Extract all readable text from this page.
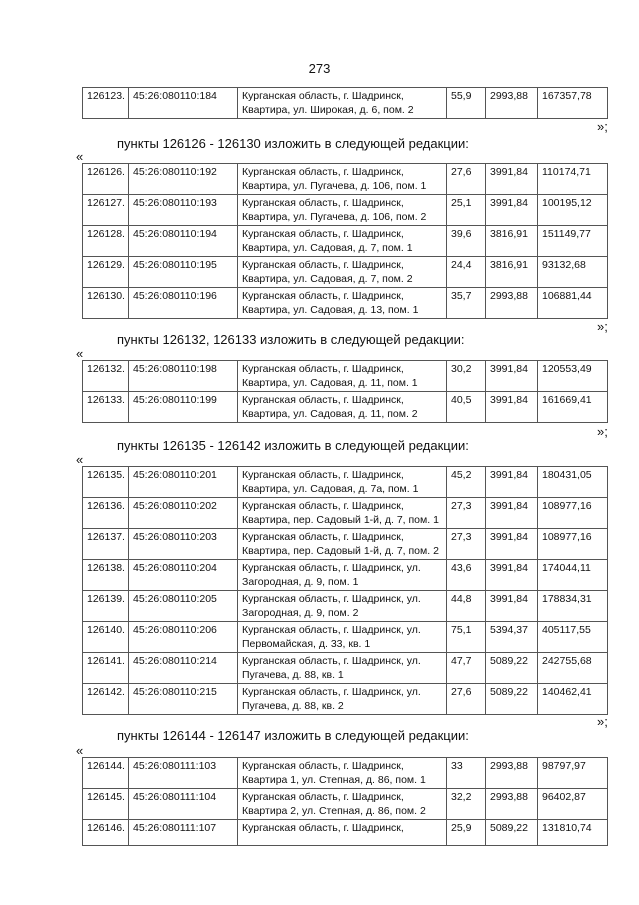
273
126123.	45:26:080110:184	Курганская область, г. Шадринск, Квартира, ул. Широкая, д. 6, пом. 2	55,9	2993,88	167357,78
»;
пункты 126126 - 126130 изложить в следующей редакции:
«
126126.	45:26:080110:192	Курганская область, г. Шадринск, Квартира, ул. Пугачева, д. 106, пом. 1	27,6	3991,84	110174,71
126127.	45:26:080110:193	Курганская область, г. Шадринск, Квартира, ул. Пугачева, д. 106, пом. 2	25,1	3991,84	100195,12
126128.	45:26:080110:194	Курганская область, г. Шадринск, Квартира, ул. Садовая, д. 7, пом. 1	39,6	3816,91	151149,77
126129.	45:26:080110:195	Курганская область, г. Шадринск, Квартира, ул. Садовая, д. 7, пом. 2	24,4	3816,91	93132,68
126130.	45:26:080110:196	Курганская область, г. Шадринск, Квартира, ул. Садовая, д. 13, пом. 1	35,7	2993,88	106881,44
»;
пункты 126132, 126133 изложить в следующей редакции:
«
126132.	45:26:080110:198	Курганская область, г. Шадринск, Квартира, ул. Садовая, д. 11, пом. 1	30,2	3991,84	120553,49
126133.	45:26:080110:199	Курганская область, г. Шадринск, Квартира, ул. Садовая, д. 11, пом. 2	40,5	3991,84	161669,41
»;
пункты 126135 - 126142 изложить в следующей редакции:
«
126135.	45:26:080110:201	Курганская область, г. Шадринск, Квартира, ул. Садовая, д. 7а, пом. 1	45,2	3991,84	180431,05
126136.	45:26:080110:202	Курганская область, г. Шадринск, Квартира, пер. Садовый 1-й, д. 7, пом. 1	27,3	3991,84	108977,16
126137.	45:26:080110:203	Курганская область, г. Шадринск, Квартира, пер. Садовый 1-й, д. 7, пом. 2	27,3	3991,84	108977,16
126138.	45:26:080110:204	Курганская область, г. Шадринск, ул. Загородная, д. 9, пом. 1	43,6	3991,84	174044,11
126139.	45:26:080110:205	Курганская область, г. Шадринск, ул. Загородная, д. 9, пом. 2	44,8	3991,84	178834,31
126140.	45:26:080110:206	Курганская область, г. Шадринск, ул. Первомайская, д. 33, кв. 1	75,1	5394,37	405117,55
126141.	45:26:080110:214	Курганская область, г. Шадринск, ул. Пугачева, д. 88, кв. 1	47,7	5089,22	242755,68
126142.	45:26:080110:215	Курганская область, г. Шадринск, ул. Пугачева, д. 88, кв. 2	27,6	5089,22	140462,41
»;
пункты 126144 - 126147 изложить в следующей редакции:
«
126144.	45:26:080111:103	Курганская область, г. Шадринск, Квартира 1, ул. Степная, д. 86, пом. 1	33	2993,88	98797,97
126145.	45:26:080111:104	Курганская область, г. Шадринск, Квартира 2, ул. Степная, д. 86, пом. 2	32,2	2993,88	96402,87
126146.	45:26:080111:107	Курганская область, г. Шадринск,	25,9	5089,22	131810,74
